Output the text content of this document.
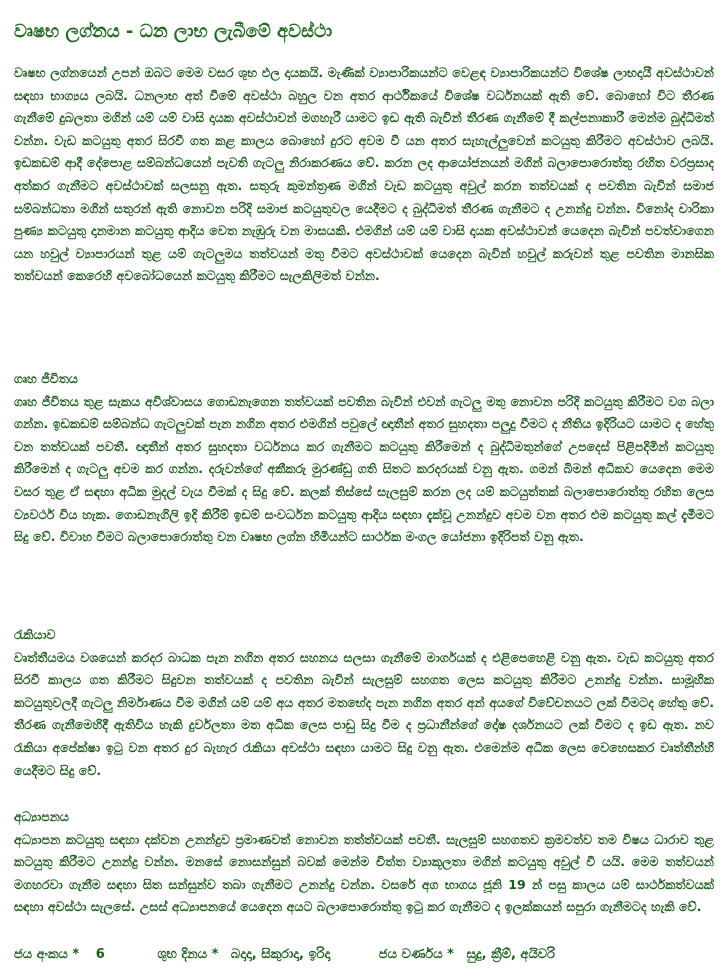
වෘෂභ ලග්නය - ධන ලාභ ලැබීමේ අවස්ථා

වෘෂභ ලග්නයෙන් උපන් ඔබට මෙම වසර ශුභ ඵල දායකයි. මැණික් ව්‍යාපාරිකයන්ට වෙළඳ ව්‍යාපාරිකයන්ට විශේෂ ලාභදායී අවස්ථාවන් සඳහා භාග්‍යය ලබයි. ධනලාභ අත් වීමේ අවස්ථා බහුල වන අතර ආර්ථිකයේ විශේෂ වර්ධනයක් ඇති වේ. බොහෝ විට තීරණ ගැනීමේ දුබලතා මගින් යම් යම් වාසි දායක අවස්ථාවන් මගහැරී යාමට ඉඩ ඇති බැවින් තීරණ ගැනීමේ දී කල්පනාකාරී මෙන්ම බුද්ධිමත් වන්න. වැඩ කටයුතු අතර සිරවී ගත කළ කාලය බොහෝ දුරට අවම වී යන අතර සැහැල්ලුවෙන් කටයුතු කිරීමට අවස්ථාව ලබයි. ඉඩකඩම් ආදී දේපොළ සම්බන්ධයෙන් පැවති ගැටලු නිරාකරණය වේ. කරන ලද ආයෝජනයන් මගින් බලාපොරොත්තු රහිත වරප්‍රසාද අත්කර ගැනීමට අවස්ථාවක් සලසනු ඇත. සතුරු කුමන්ත්‍රණ මගින් වැඩ කටයුතු අවුල් කරන තත්වයක් ද පවතින බැවින් සමාජ සම්බන්ධතා මගින් සතුරන් ඇති නොවන පරිදි සමාජ කටයුතුවල යෙදීමට ද බුද්ධිමත් තීරණ ගැනීමට ද උනන්දු වන්න. විනෝද චාරිකා පුණ්‍ය කටයුතු දානමාන කටයුතු ආදිය වෙත නැඹුරු වන මාසයකි. එමගින් යම් යම් වාසි දායක අවස්ථාවන් යෙදෙන බැවින් පවත්වාගෙන යන හවුල් ව්‍යාපාරයන් තුළ යම් ගැටලුමය තත්වයන් මතු වීමට අවස්ථාවක් යෙදෙන බැවින් හවුල් කරුවන් තුළ පවතින මානසික තත්වයන් කෙරෙහි අවබෝධයෙන් කටයුතු කිරීමට සැලකිලිමත් වන්න.

ගෘහ ජීවිතය

ගෘහ ජීවිතය තුළ සැකය අවිශ්වාසය ගොඩනැගෙන තත්වයක් පවතින බැවින් එවන් ගැටලු මතු නොවන පරිදි කටයුතු කිරීමට වග බලා ගන්න. ඉඩකඩම් සම්බන්ධ ගැටලුවක් පැන නගින අතර එමගින් පවුලේ ඥාතීන් අතර සුහදතා පලුදු වීමට ද නීතිය ඉදිරියට යාමට ද හේතු වන තත්වයක් පවතී. ඥාතීන් අතර සුහදතා වර්ධනය කර ගැනීමට කටයුතු කිරීමෙන් ද බුද්ධිමතුන්ගේ උපදෙස් පිළිපදිමින් කටයුතු කිරීමෙන් ද ගැටලු අවම කර ගන්න. දරුවන්ගේ අකීකරු මුරණ්ඩු ගති සිතට කරදරයක් වනු ඇත. ගමන් බිමන් අධිකව යෙදෙන මෙම වසර තුළ ඒ සඳහා අධික මුදල් වැය වීමක් ද සිදු වේ. කලක් තිස්සේ සැලසුම් කරන ලද යම් කටයුත්තක් බලාපොරොත්තු රහිත ලෙස ව්‍යවර්ථ විය හැක. ගොඩනැගිලි ඉදි කිරීම් ඉඩම් සංවර්ධන කටයුතු ආදිය සඳහා දැක්වූ උනන්දුව අවම වන අතර එම කටයුතු කල් දැමීමට සිදු වේ. විවාහ වීමට බලාපොරොත්තු වන වෘෂභ ලග්න හිමියන්ට සාර්ථක මංගල යෝජනා ඉදිරිපත් වනු ඇත.

රැකියාව

වෘත්තීයමය වශයෙන් කරදර බාධක පැන නගින අතර සහනය සලසා ගැනීමේ මාර්ගයක් ද එළිපෙහෙළි වනු ඇත. වැඩ කටයුතු අතර සිරවී කාලය ගත කිරීමට සිදුවන තත්වයක් ද පවතින බැවින් සැලසුම් සහගත ලෙස කටයුතු කිරීමට උනන්දු වන්න. සාමූහික කටයුතුවලදී ගැටලු නිර්මාණය වීම මගින් යම් යම් අය අතර මතභේද පැන නගින අතර අන් අයගේ විවේචනයට ලක් වීමටද හේතු වේ. තීරණ ගැනීමෙහිදී ඇතිවිය හැකි දුර්වලතා මත අධික ලෙස පාඩු සිදු වීම ද ප්‍රධානීන්ගේ දෝෂ දර්ශනයට ලක් වීමට ද ඉඩ ඇත. නව රැකියා අපේක්ෂා ඉටු වන අතර දුර බැහැර රැකියා අවස්ථා සඳහා යාමට සිදු වනු ඇත. එමෙන්ම අධික ලෙස වෙහෙසකර වෘත්තීන්හි යෙදීමට සිදු වේ.

අධ්‍යාපනය

අධ්‍යාපන කටයුතු සඳහා දක්වන උනන්දුව ප්‍රමාණවත් නොවන තත්ත්වයක් පවතී. සැලසුම් සහගතව ක්‍රමවත්ව තම විෂය ධාරාව තුළ කටයුතු කිරීමට උනන්දු වන්න. මනසේ නොසන්සුන් බවක් මෙන්ම චිත්ත ව්‍යාකූලතා මගින් කටයුතු අවුල් වී යයි. මෙම තත්වයන් මගහරවා ගැනීම සඳහා සිත සන්සුන්ව තබා ගැනීමට උනන්දු වන්න. වසරේ අග භාගය ජූනි 19 න් පසු කාලය යම් සාර්ථකත්වයක් සඳහා අවස්ථා සැලසේ. උසස් අධ්‍යාපනයේ යෙදෙන අයට බලාපොරොත්තු ඉටු කර ගැනීමට ද ඉලක්කයන් සපුරා ගැනීමටද හැකි වේ.

ජය අංකය * 6	ශුභ දිනය * බදාදා, සිකුරාදා, ඉරිදා	ජය වර්ණය * සුදු, ක්‍රීම්, අයිවරි
